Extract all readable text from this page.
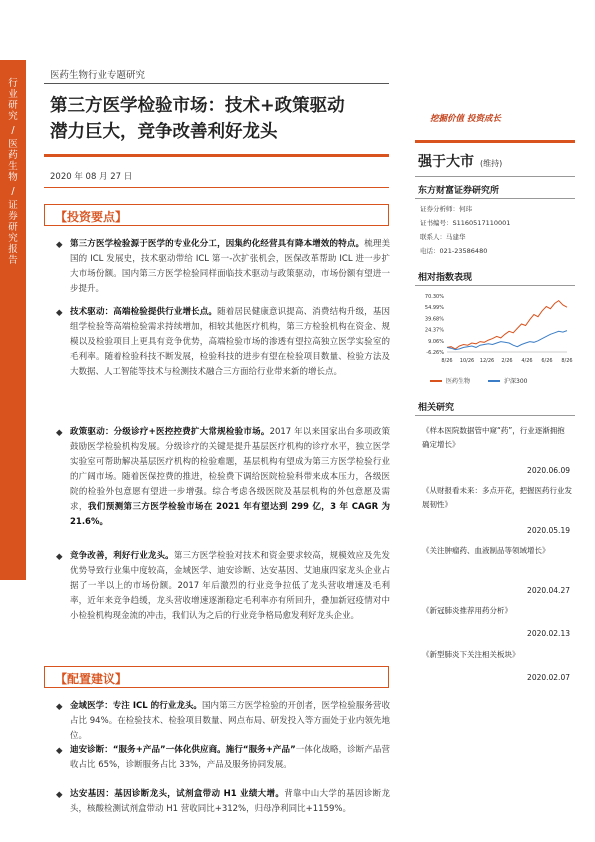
行业研究
/
医药生物
/
证券研究报告
医药生物行业专题研究
第三方医学检验市场：技术+政策驱动
潜力巨大，竞争改善利好龙头
2020 年 08 月 27 日
【投资要点】
◆ 第三方医学检验源于医学的专业化分工，因集约化经营具有降本增效的特点。梳理美国的 ICL 发展史，技术驱动带给 ICL 第一-次扩张机会，医保改革帮助 ICL 进一步扩大市场份额。国内第三方医学检验同样面临技术驱动与政策驱动，市场份额有望进一步提升。
◆ 技术驱动：高端检验提供行业增长点。随着居民健康意识提高、消费结构升级，基因组学检验等高端检验需求持续增加，相较其他医疗机构，第三方检验机构在资金、规模以及检验项目上更具有竞争优势，高端检验市场的渗透有望拉高独立医学实验室的毛利率。随着检验科技不断发展，检验科技的进步有望在检验项目数量、检验方法及大数据、人工智能等技术与检测技术融合三方面给行业带来新的增长点。
◆ 政策驱动：分级诊疗+医控控费扩大常规检验市场。2017 年以来国家出台多项政策鼓励医学检验机构发展。分级诊疗的关键是提升基层医疗机构的诊疗水平，独立医学实验室可帮助解决基层医疗机构的检验难题，基层机构有望成为第三方医学检验行业的广阔市场。随着医保控费的推进，检验费下调给医院检验科带来成本压力，各级医院的检验外包意愿有望进一步增强。综合考虑各级医院及基层机构的外包意愿及需求，我们预测第三方医学检验市场在 2021 年有望达到 299 亿，3 年 CAGR 为 21.6%。
◆ 竞争改善，利好行业龙头。第三方医学检验对技术和资金要求较高，规模效应及先发优势导致行业集中度较高，金域医学、迪安诊断、达安基因、艾迪康四家龙头企业占据了一半以上的市场份额。2017 年后激烈的行业竞争拉低了龙头营收增速及毛利率，近年来竞争趋缓，龙头营收增速逐渐稳定毛利率亦有所回升，叠加新冠疫情对中小检验机构现金流的冲击，我们认为之后的行业竞争格局愈发利好龙头企业。
【配置建议】
◆ 金域医学：专注 ICL 的行业龙头。国内第三方医学检验的开创者，医学检验服务营收占比 94%。在检验技术、检验项目数量、网点布局、研发投入等方面处于业内领先地位。
◆ 迪安诊断：“服务+产品”一体化供应商。施行“服务+产品”一体化战略，诊断产品营收占比 65%，诊断服务占比 33%，产品及服务协同发展。
◆ 达安基因：基因诊断龙头，试剂盒带动 H1 业绩大增。背靠中山大学的基因诊断龙头，核酸检测试剂盒带动 H1 营收同比+312%，归母净利同比+1159%。
挖掘价值 投资成长
强于大市 (维持)
东方财富证券研究所
证券分析师：何玮
证书编号：S1160517110001
联系人：马建华
电话：021-23586480
相对指数表现
70.30%
54.99%
39.68%
24.37%
9.06%
-6.26%
8/26 10/26 12/26 2/26 4/26 6/26 8/26
医药生物	沪深300
相关研究
《样本医院数据管中窥“药”，行业逐渐拥抱确定增长》
2020.06.09
《从财报看未来：多点开花，把握医药行业发展韧性》
2020.05.19
《关注肿瘤药、血液制品等领域增长》
2020.04.27
《新冠肺炎推荐用药分析》
2020.02.13
《新型肺炎下关注相关板块》
2020.02.07
